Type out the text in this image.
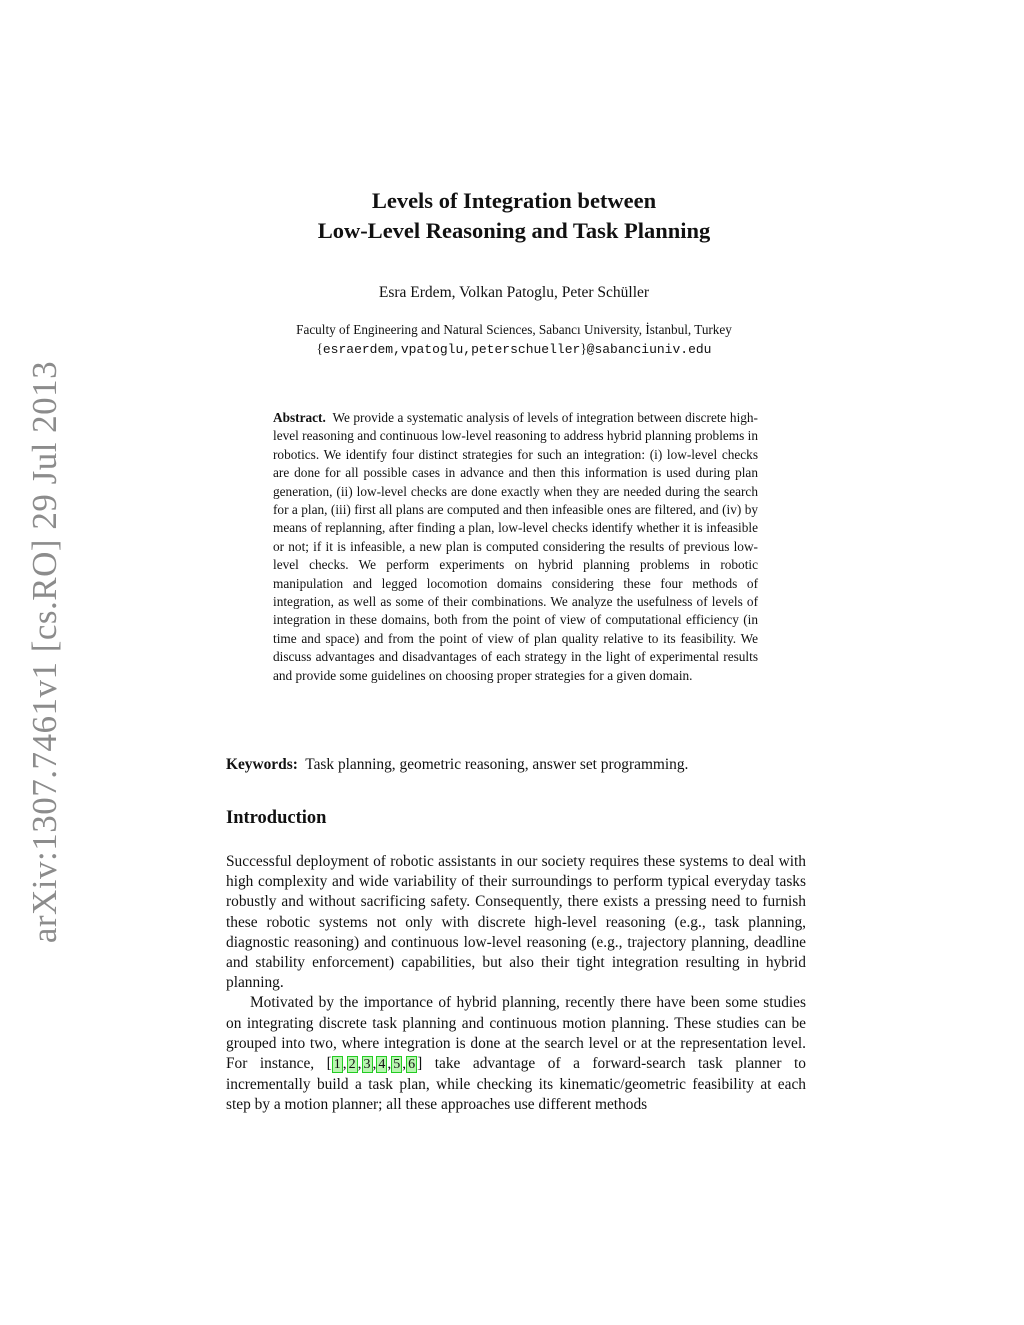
arXiv:1307.7461v1 [cs.RO] 29 Jul 2013
Levels of Integration between
Low-Level Reasoning and Task Planning
Esra Erdem, Volkan Patoglu, Peter Schüller
Faculty of Engineering and Natural Sciences, Sabancı University, İstanbul, Turkey
{esraerdem,vpatoglu,peterschueller}@sabanciuniv.edu
Abstract. We provide a systematic analysis of levels of integration between discrete high-level reasoning and continuous low-level reasoning to address hybrid planning problems in robotics. We identify four distinct strategies for such an integration: (i) low-level checks are done for all possible cases in advance and then this information is used during plan generation, (ii) low-level checks are done exactly when they are needed during the search for a plan, (iii) first all plans are computed and then infeasible ones are filtered, and (iv) by means of replanning, after finding a plan, low-level checks identify whether it is infeasible or not; if it is infeasible, a new plan is computed considering the results of previous low-level checks. We perform experiments on hybrid planning problems in robotic manipulation and legged locomotion domains considering these four methods of integration, as well as some of their combinations. We analyze the usefulness of levels of integration in these domains, both from the point of view of computational efficiency (in time and space) and from the point of view of plan quality relative to its feasibility. We discuss advantages and disadvantages of each strategy in the light of experimental results and provide some guidelines on choosing proper strategies for a given domain.
Keywords: Task planning, geometric reasoning, answer set programming.
Introduction

Successful deployment of robotic assistants in our society requires these systems to deal with high complexity and wide variability of their surroundings to perform typical everyday tasks robustly and without sacrificing safety. Consequently, there exists a pressing need to furnish these robotic systems not only with discrete high-level reasoning (e.g., task planning, diagnostic reasoning) and continuous low-level reasoning (e.g., trajectory planning, deadline and stability enforcement) capabilities, but also their tight integration resulting in hybrid planning.

Motivated by the importance of hybrid planning, recently there have been some studies on integrating discrete task planning and continuous motion planning. These studies can be grouped into two, where integration is done at the search level or at the representation level. For instance, [ 1 , 2 , 3 , 4 , 5 , 6 ] take advantage of a forward-search task planner to incrementally build a task plan, while checking its kinematic/geometric feasibility at each step by a motion planner; all these approaches use different methods
